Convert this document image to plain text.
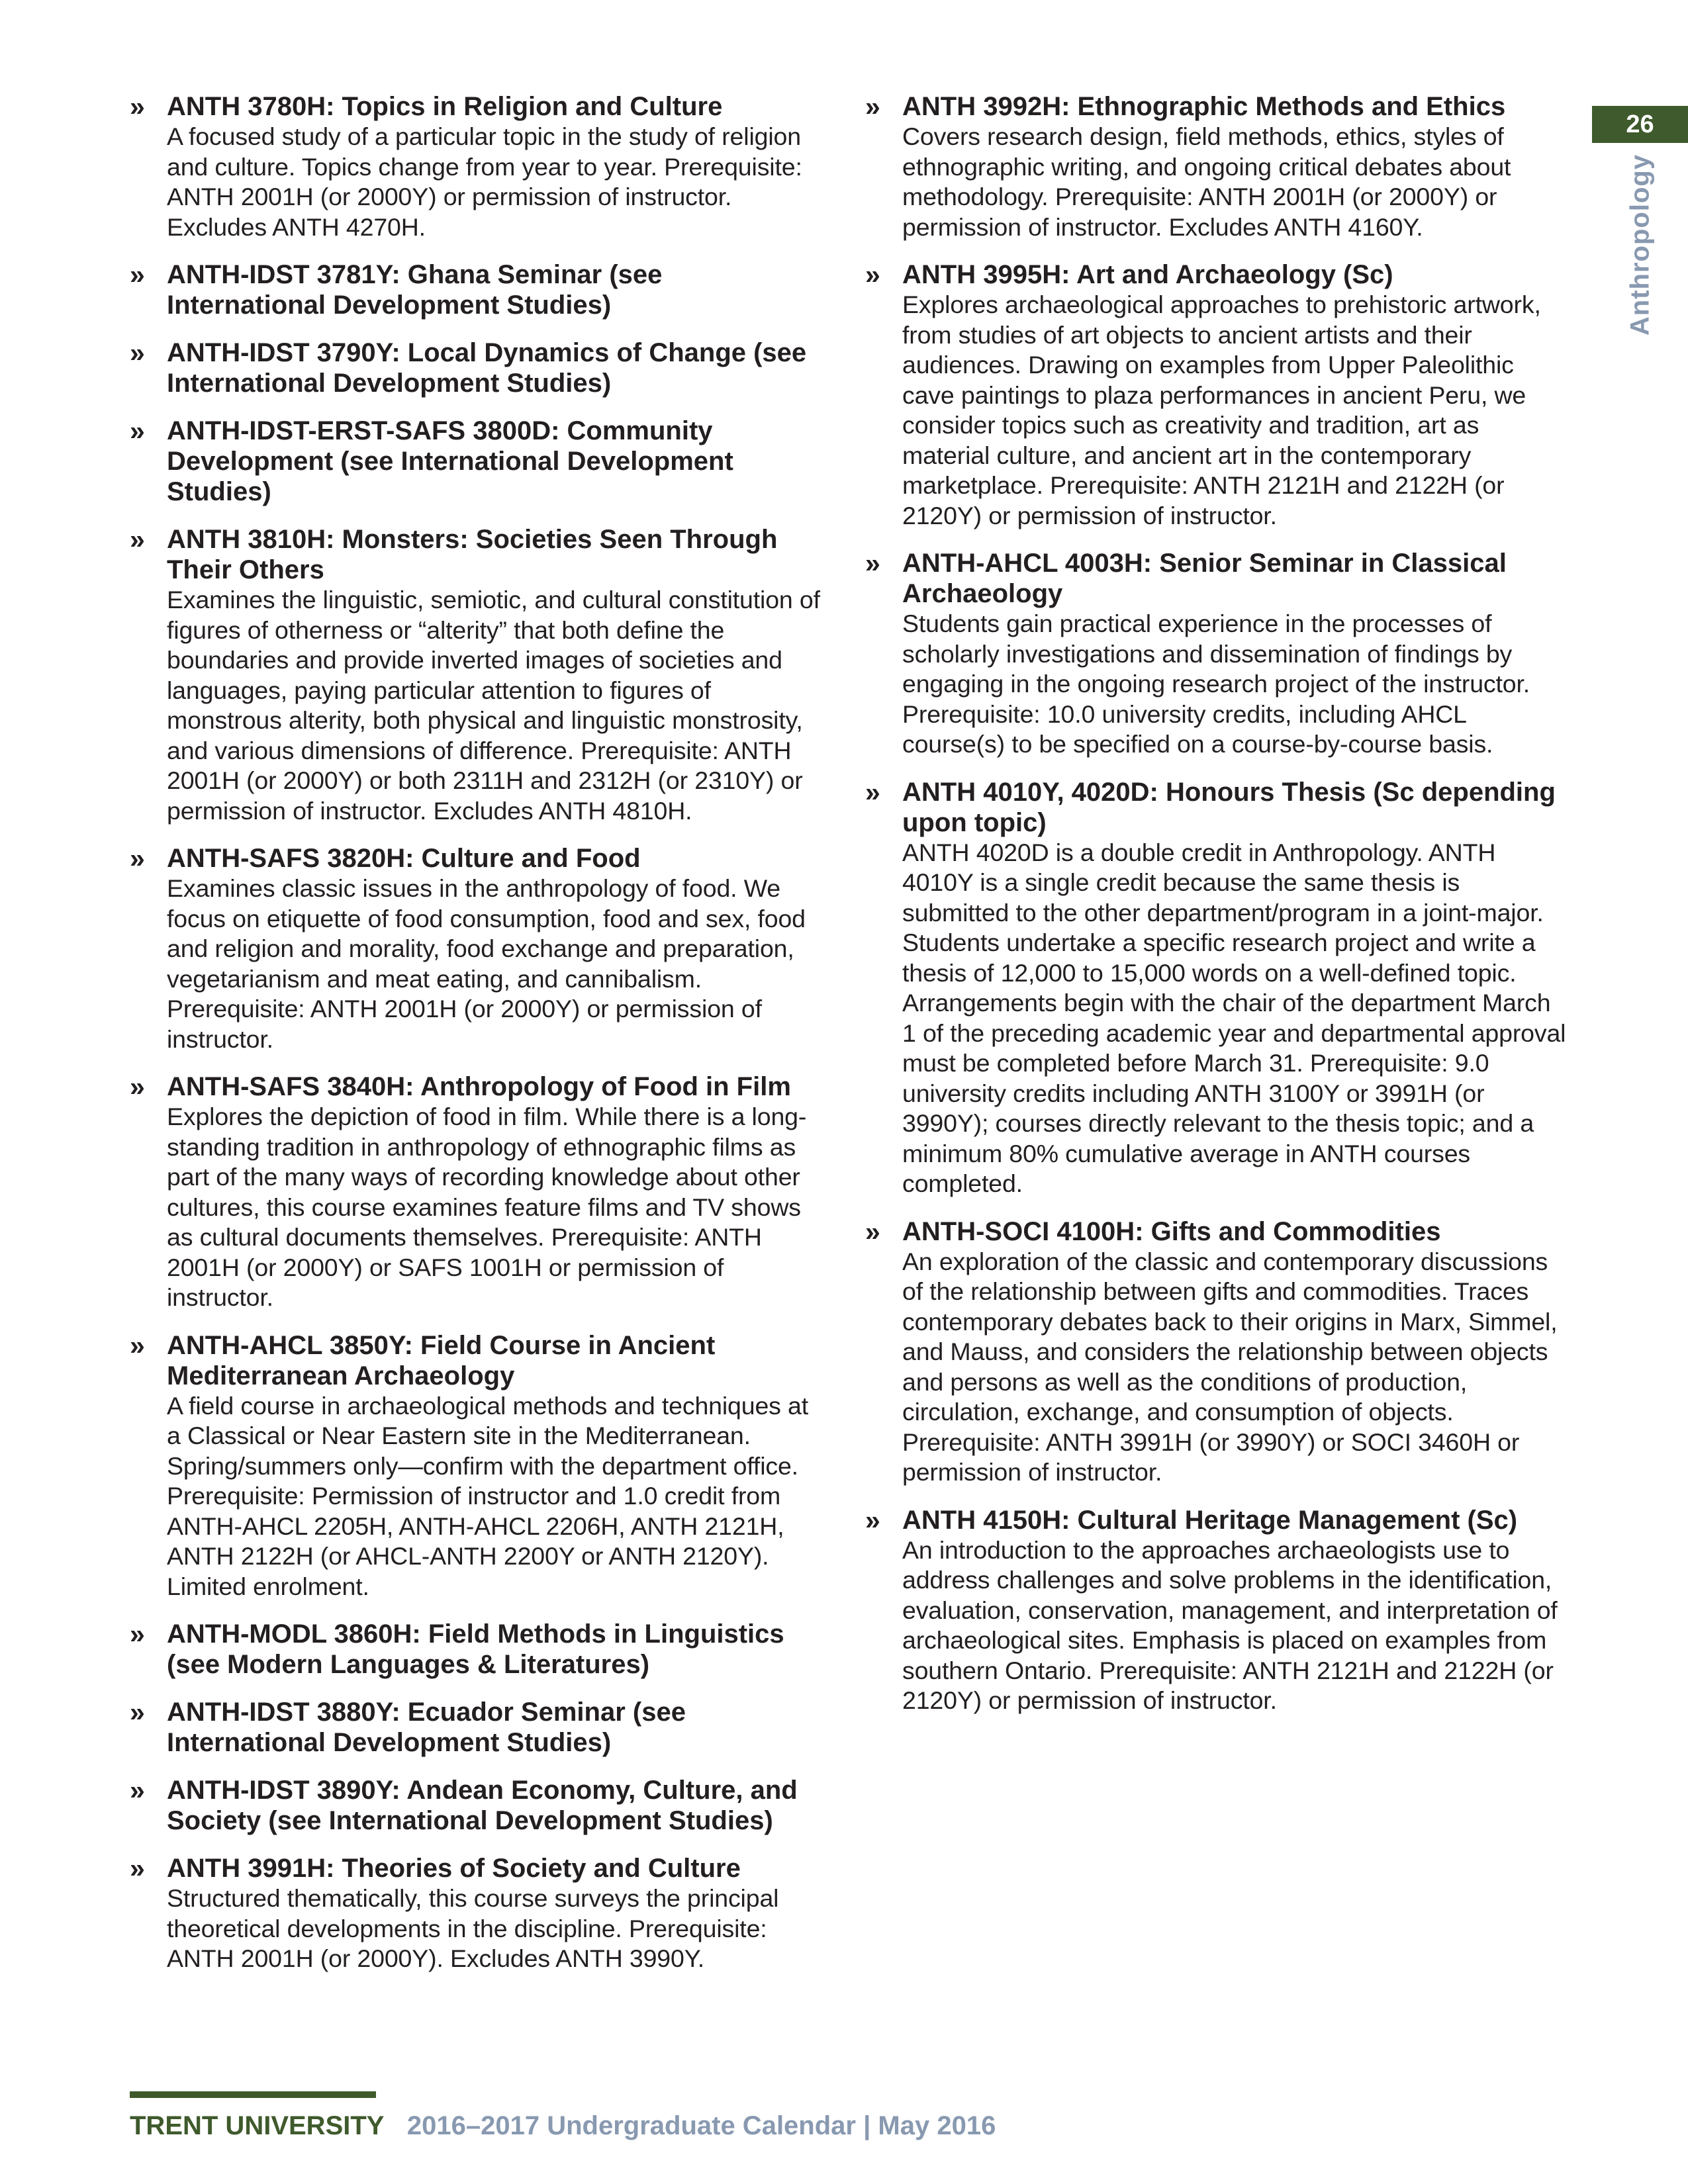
» ANTH 3780H: Topics in Religion and Culture
A focused study of a particular topic in the study of religion and culture. Topics change from year to year. Prerequisite: ANTH 2001H (or 2000Y) or permission of instructor. Excludes ANTH 4270H.
» ANTH-IDST 3781Y: Ghana Seminar (see International Development Studies)
» ANTH-IDST 3790Y: Local Dynamics of Change (see International Development Studies)
» ANTH-IDST-ERST-SAFS 3800D: Community Development (see International Development Studies)
» ANTH 3810H: Monsters: Societies Seen Through Their Others
Examines the linguistic, semiotic, and cultural constitution of figures of otherness or “alterity” that both define the boundaries and provide inverted images of societies and languages, paying particular attention to figures of monstrous alterity, both physical and linguistic monstrosity, and various dimensions of difference. Prerequisite: ANTH 2001H (or 2000Y) or both 2311H and 2312H (or 2310Y) or permission of instructor. Excludes ANTH 4810H.
» ANTH-SAFS 3820H: Culture and Food
Examines classic issues in the anthropology of food. We focus on etiquette of food consumption, food and sex, food and religion and morality, food exchange and preparation, vegetarianism and meat eating, and cannibalism. Prerequisite: ANTH 2001H (or 2000Y) or permission of instructor.
» ANTH-SAFS 3840H: Anthropology of Food in Film
Explores the depiction of food in film. While there is a long-standing tradition in anthropology of ethnographic films as part of the many ways of recording knowledge about other cultures, this course examines feature films and TV shows as cultural documents themselves. Prerequisite: ANTH 2001H (or 2000Y) or SAFS 1001H or permission of instructor.
» ANTH-AHCL 3850Y: Field Course in Ancient Mediterranean Archaeology
A field course in archaeological methods and techniques at a Classical or Near Eastern site in the Mediterranean. Spring/summers only—confirm with the department office. Prerequisite: Permission of instructor and 1.0 credit from ANTH-AHCL 2205H, ANTH-AHCL 2206H, ANTH 2121H, ANTH 2122H (or AHCL-ANTH 2200Y or ANTH 2120Y). Limited enrolment.
» ANTH-MODL 3860H: Field Methods in Linguistics (see Modern Languages & Literatures)
» ANTH-IDST 3880Y: Ecuador Seminar (see International Development Studies)
» ANTH-IDST 3890Y: Andean Economy, Culture, and Society (see International Development Studies)
» ANTH 3991H: Theories of Society and Culture
Structured thematically, this course surveys the principal theoretical developments in the discipline. Prerequisite: ANTH 2001H (or 2000Y). Excludes ANTH 3990Y.
» ANTH 3992H: Ethnographic Methods and Ethics
Covers research design, field methods, ethics, styles of ethnographic writing, and ongoing critical debates about methodology. Prerequisite: ANTH 2001H (or 2000Y) or permission of instructor. Excludes ANTH 4160Y.
» ANTH 3995H: Art and Archaeology (Sc)
Explores archaeological approaches to prehistoric artwork, from studies of art objects to ancient artists and their audiences. Drawing on examples from Upper Paleolithic cave paintings to plaza performances in ancient Peru, we consider topics such as creativity and tradition, art as material culture, and ancient art in the contemporary marketplace. Prerequisite: ANTH 2121H and 2122H (or 2120Y) or permission of instructor.
» ANTH-AHCL 4003H: Senior Seminar in Classical Archaeology
Students gain practical experience in the processes of scholarly investigations and dissemination of findings by engaging in the ongoing research project of the instructor. Prerequisite: 10.0 university credits, including AHCL course(s) to be specified on a course-by-course basis.
» ANTH 4010Y, 4020D: Honours Thesis (Sc depending upon topic)
ANTH 4020D is a double credit in Anthropology. ANTH 4010Y is a single credit because the same thesis is submitted to the other department/program in a joint-major. Students undertake a specific research project and write a thesis of 12,000 to 15,000 words on a well-defined topic. Arrangements begin with the chair of the department March 1 of the preceding academic year and departmental approval must be completed before March 31. Prerequisite: 9.0 university credits including ANTH 3100Y or 3991H (or 3990Y); courses directly relevant to the thesis topic; and a minimum 80% cumulative average in ANTH courses completed.
» ANTH-SOCI 4100H: Gifts and Commodities
An exploration of the classic and contemporary discussions of the relationship between gifts and commodities. Traces contemporary debates back to their origins in Marx, Simmel, and Mauss, and considers the relationship between objects and persons as well as the conditions of production, circulation, exchange, and consumption of objects. Prerequisite: ANTH 3991H (or 3990Y) or SOCI 3460H or permission of instructor.
» ANTH 4150H: Cultural Heritage Management (Sc)
An introduction to the approaches archaeologists use to address challenges and solve problems in the identification, evaluation, conservation, management, and interpretation of archaeological sites. Emphasis is placed on examples from southern Ontario. Prerequisite: ANTH 2121H and 2122H (or 2120Y) or permission of instructor.
26
Anthropology
TRENT UNIVERSITY 2016–2017 Undergraduate Calendar | May 2016
